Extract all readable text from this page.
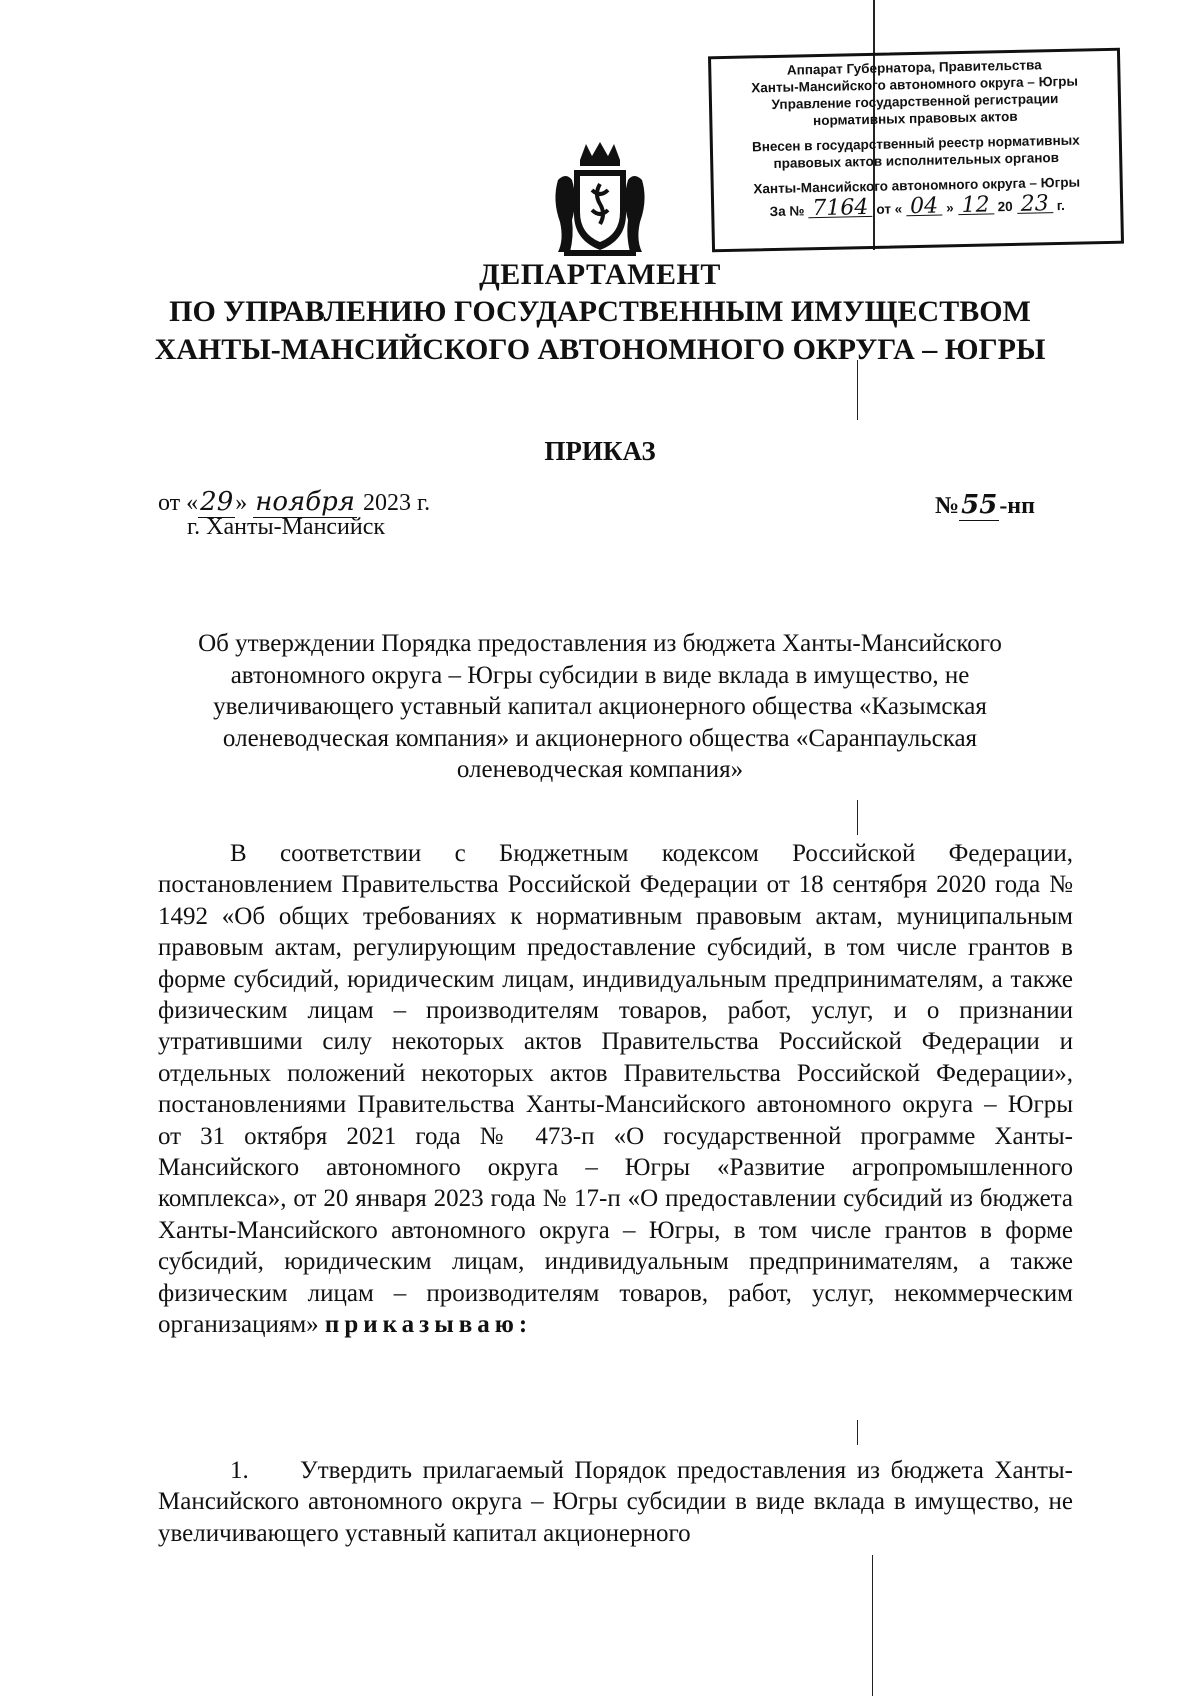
Аппарат Губернатора, Правительства
Ханты-Мансийского автономного округа – Югры
Управление государственной регистрации
нормативных правовых актов
Внесен в государственный реестр нормативных
правовых актов исполнительных органов
Ханты-Мансийского автономного округа – Югры
За № 7164 от « 04 » 12 20 23 г.
ДЕПАРТАМЕНТ
ПО УПРАВЛЕНИЮ ГОСУДАРСТВЕННЫМ ИМУЩЕСТВОМ
ХАНТЫ-МАНСИЙСКОГО АВТОНОМНОГО ОКРУГА – ЮГРЫ
ПРИКАЗ
от «29» ноября 2023 г.
г. Ханты-Мансийск
№55-нп
Об утверждении Порядка предоставления из бюджета Ханты-Мансийского автономного округа – Югры субсидии в виде вклада в имущество, не увеличивающего уставный капитал акционерного общества «Казымская оленеводческая компания» и акционерного общества «Саранпаульская оленеводческая компания»
В соответствии с Бюджетным кодексом Российской Федерации, постановлением Правительства Российской Федерации от 18 сентября 2020 года № 1492 «Об общих требованиях к нормативным правовым актам, муниципальным правовым актам, регулирующим предоставление субсидий, в том числе грантов в форме субсидий, юридическим лицам, индивидуальным предпринимателям, а также физическим лицам – производителям товаров, работ, услуг, и о признании утратившими силу некоторых актов Правительства Российской Федерации и отдельных положений некоторых актов Правительства Российской Федерации», постановлениями Правительства Ханты-Мансийского автономного округа – Югры от 31 октября 2021 года № 473-п «О государственной программе Ханты-Мансийского автономного округа – Югры «Развитие агропромышленного комплекса», от 20 января 2023 года № 17-п «О предоставлении субсидий из бюджета Ханты-Мансийского автономного округа – Югры, в том числе грантов в форме субсидий, юридическим лицам, индивидуальным предпринимателям, а также физическим лицам – производителям товаров, работ, услуг, некоммерческим организациям» приказываю:
1. Утвердить прилагаемый Порядок предоставления из бюджета Ханты-Мансийского автономного округа – Югры субсидии в виде вклада в имущество, не увеличивающего уставный капитал акционерного
